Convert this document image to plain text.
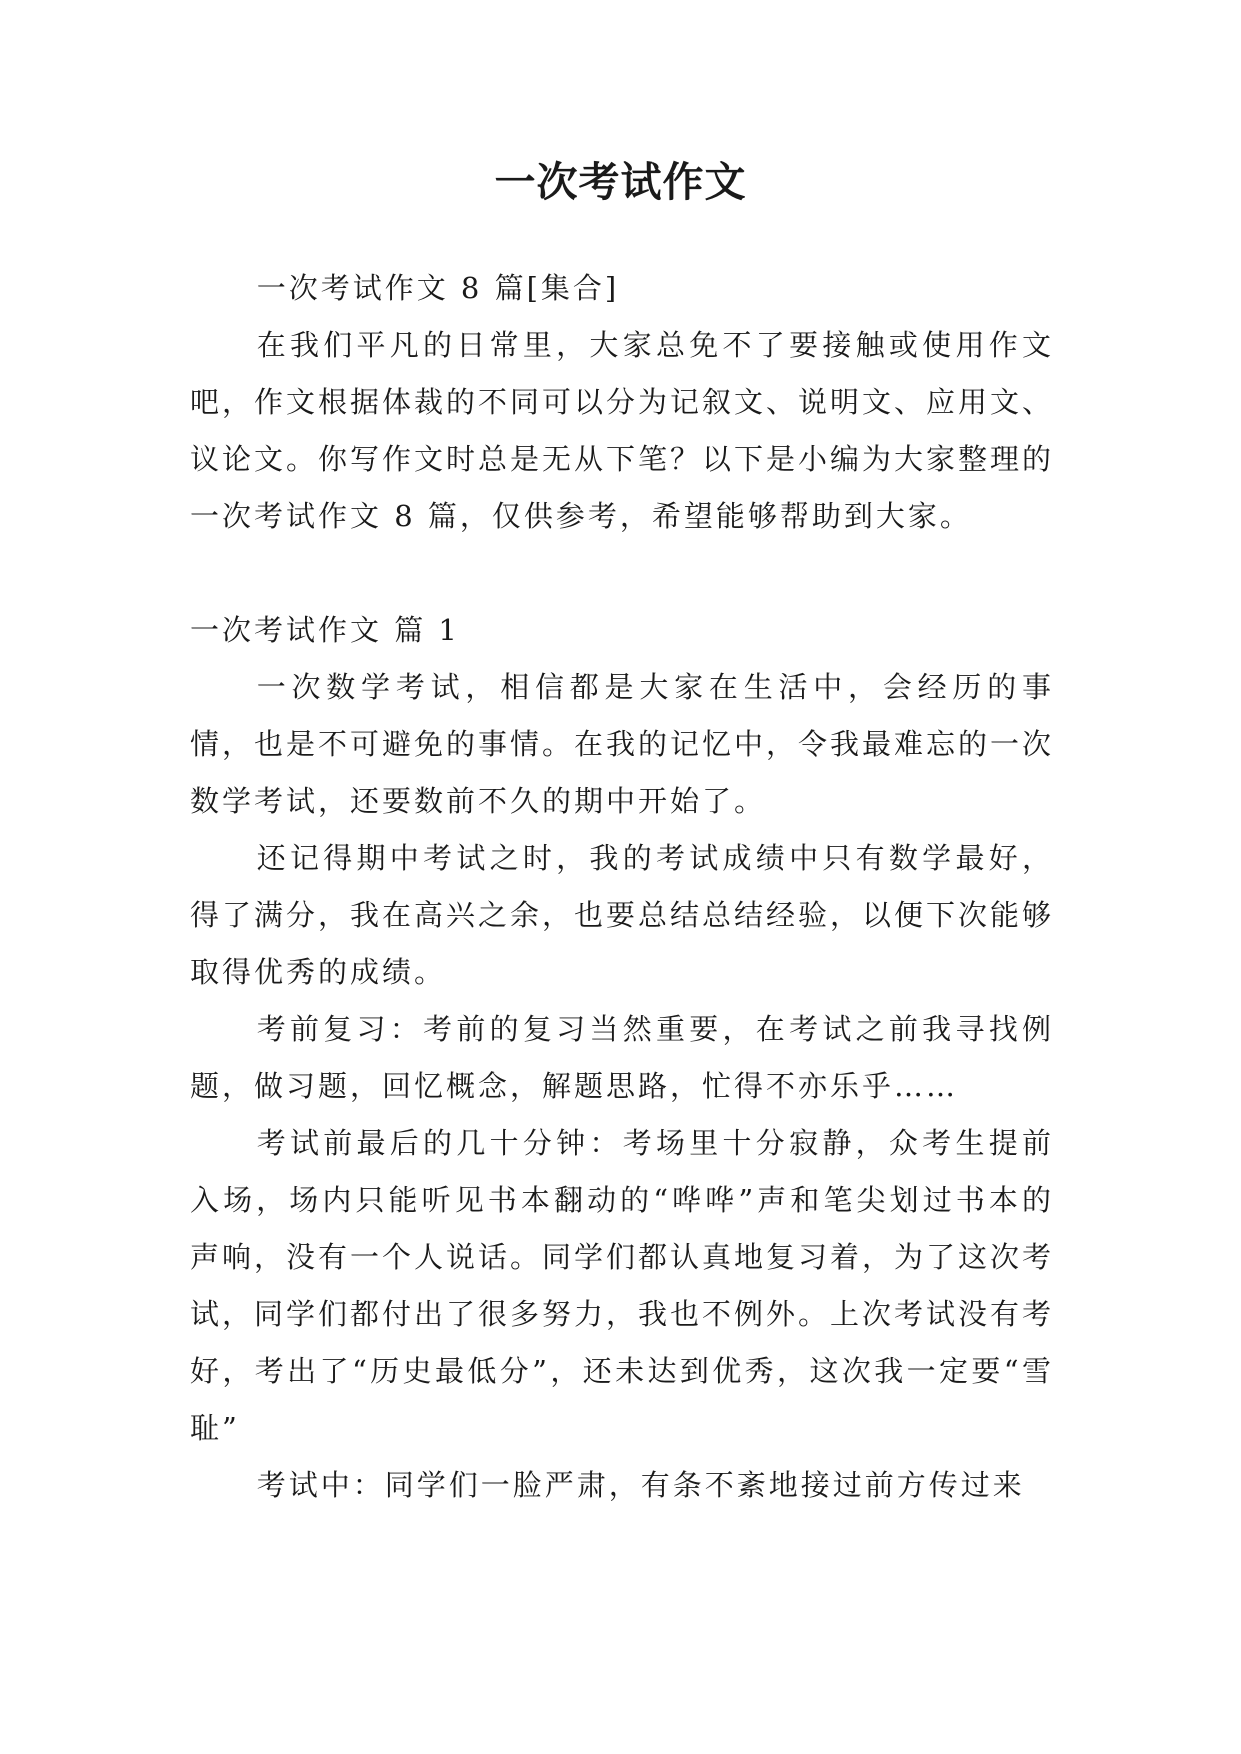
一次考试作文

一次考试作文 8 篇[集合]

在我们平凡的日常里，大家总免不了要接触或使用作文吧，作文根据体裁的不同可以分为记叙文、说明文、应用文、议论文。你写作文时总是无从下笔？以下是小编为大家整理的一次考试作文 8 篇，仅供参考，希望能够帮助到大家。

一次考试作文 篇 1

一次数学考试，相信都是大家在生活中，会经历的事情，也是不可避免的事情。在我的记忆中，令我最难忘的一次数学考试，还要数前不久的期中开始了。

还记得期中考试之时，我的考试成绩中只有数学最好，得了满分，我在高兴之余，也要总结总结经验，以便下次能够取得优秀的成绩。

考前复习：考前的复习当然重要，在考试之前我寻找例题，做习题，回忆概念，解题思路，忙得不亦乐乎……

考试前最后的几十分钟：考场里十分寂静，众考生提前入场，场内只能听见书本翻动的“哗哗”声和笔尖划过书本的声响，没有一个人说话。同学们都认真地复习着，为了这次考试，同学们都付出了很多努力，我也不例外。上次考试没有考好，考出了“历史最低分”，还未达到优秀，这次我一定要“雪耻”

考试中：同学们一脸严肃，有条不紊地接过前方传过来
